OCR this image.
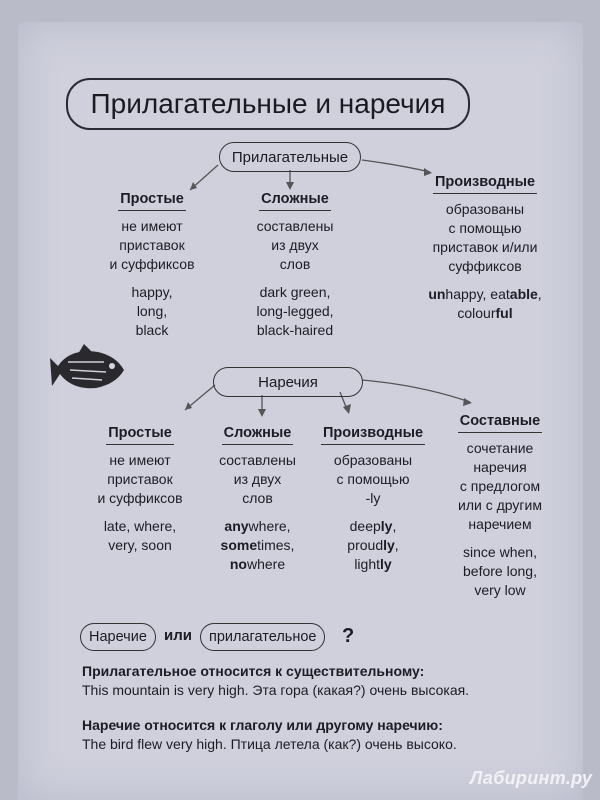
Прилагательные и наречия
Прилагательные
Простые
не имеют
приставок
и суффиксов
happy,
long,
black
Сложные
составлены
из двух
слов
dark green,
long-legged,
black-haired
Производные
образованы
с помощью
приставок и/или
суффиксов
unhappy, eatable,
colourful
Наречия
Простые
не имеют
приставок
и суффиксов
late, where,
very, soon
Сложные
составлены
из двух
слов
anywhere,
sometimes,
nowhere
Производные
образованы
с помощью
-ly
deeply,
proudly,
lightly
Составные
сочетание
наречия
с предлогом
или с другим
наречием
since when,
before long,
very low
Наречие	или	прилагательное	?
Прилагательное относится к существительному:
This mountain is very high. Эта гора (какая?) очень высокая.
Наречие относится к глаголу или другому наречию:
The bird flew very high. Птица летела (как?) очень высоко.
Лабиринт.ру
